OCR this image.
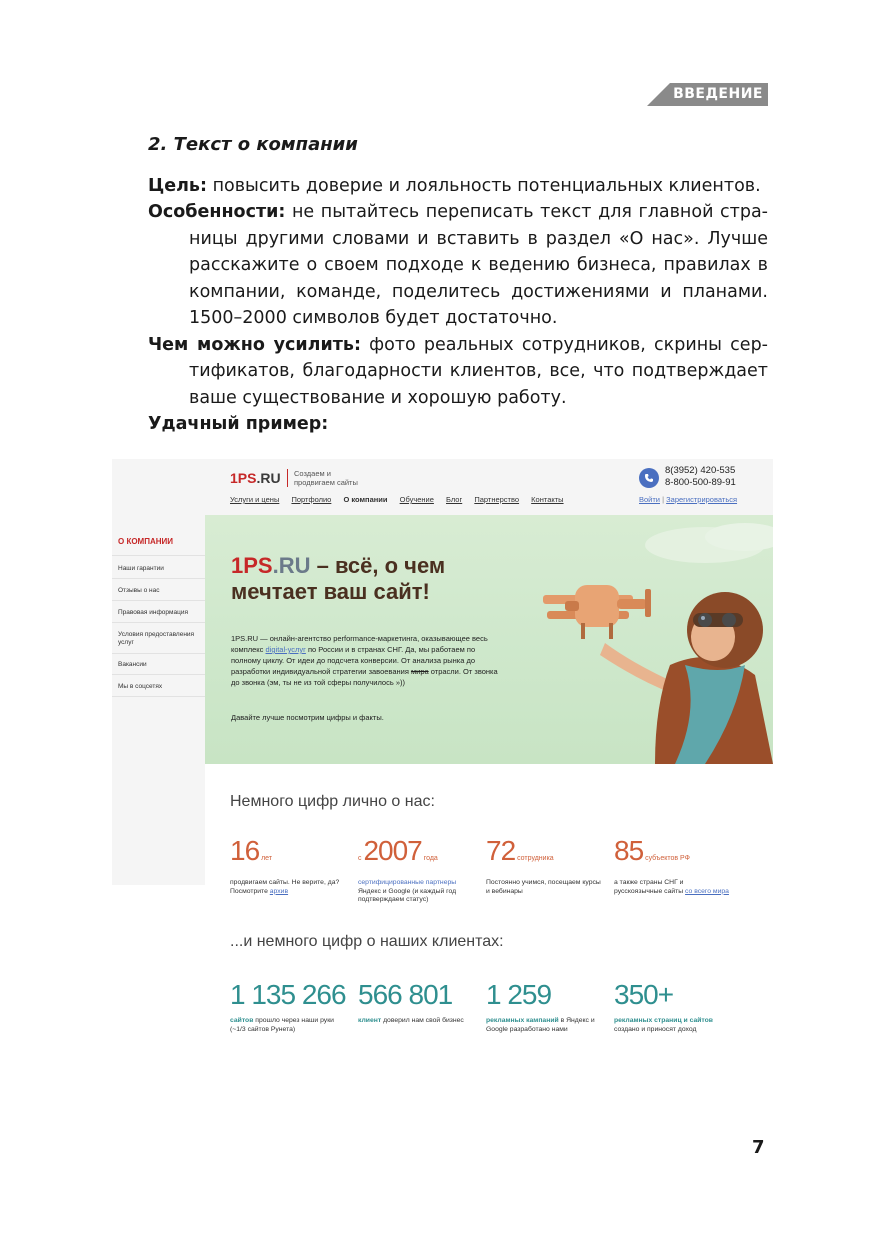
ВВЕДЕНИЕ
2. Текст о компании
Цель: повысить доверие и лояльность потенциальных клиентов.
Особенности: не пытайтесь переписать текст для главной стра-
ницы другими словами и вставить в раздел «О нас». Лучше
расскажите о своем подходе к ведению бизнеса, правилах в
компании, команде, поделитесь достижениями и планами.
1500–2000 символов будет достаточно.
Чем можно усилить: фото реальных сотрудников, скрины сер-
тификатов, благодарности клиентов, все, что подтверждает
ваше существование и хорошую работу.
Удачный пример:
1PS.RU Создаем и
продвигаем сайты
8(3952) 420-535
8-800-500-89-91
Услуги и цены Портфолио О компании Обучение Блог Партнерство Контакты	Войти | Зарегистрироваться
О КОМПАНИИ
Наши гарантии
Отзывы о нас
Правовая информация
Условия предоставления услуг
Вакансии
Мы в соцсетях
1PS.RU – всё, о чем
мечтает ваш сайт!
1PS.RU — онлайн-агентство performance-маркетинга, оказывающее весь комплекс digital-услуг по России и в странах СНГ. Да, мы работаем по полному циклу. От идеи до подсчета конверсии. От анализа рынка до разработки индивидуальной стратегии завоевания мира отрасли. От звонка до звонка (эм, ты не из той сферы получилось »))
Давайте лучше посмотрим цифры и факты.
Немного цифр лично о нас:
16 лет
продвигаем сайты. Не верите, да? Посмотрите архив
с 2007 года
сертифицированные партнеры Яндекс и Google (и каждый год подтверждаем статус)
72 сотрудника
Постоянно учимся, посещаем курсы и вебинары
85 субъектов РФ
а также страны СНГ и русскоязычные сайты со всего мира
...и немного цифр о наших клиентах:
1 135 266
сайтов прошло через наши руки (~1/3 сайтов Рунета)
566 801
клиент доверил нам свой бизнес
1 259
рекламных кампаний в Яндекс и Google разработано нами
350+
рекламных страниц и сайтов создано и приносят доход
7
